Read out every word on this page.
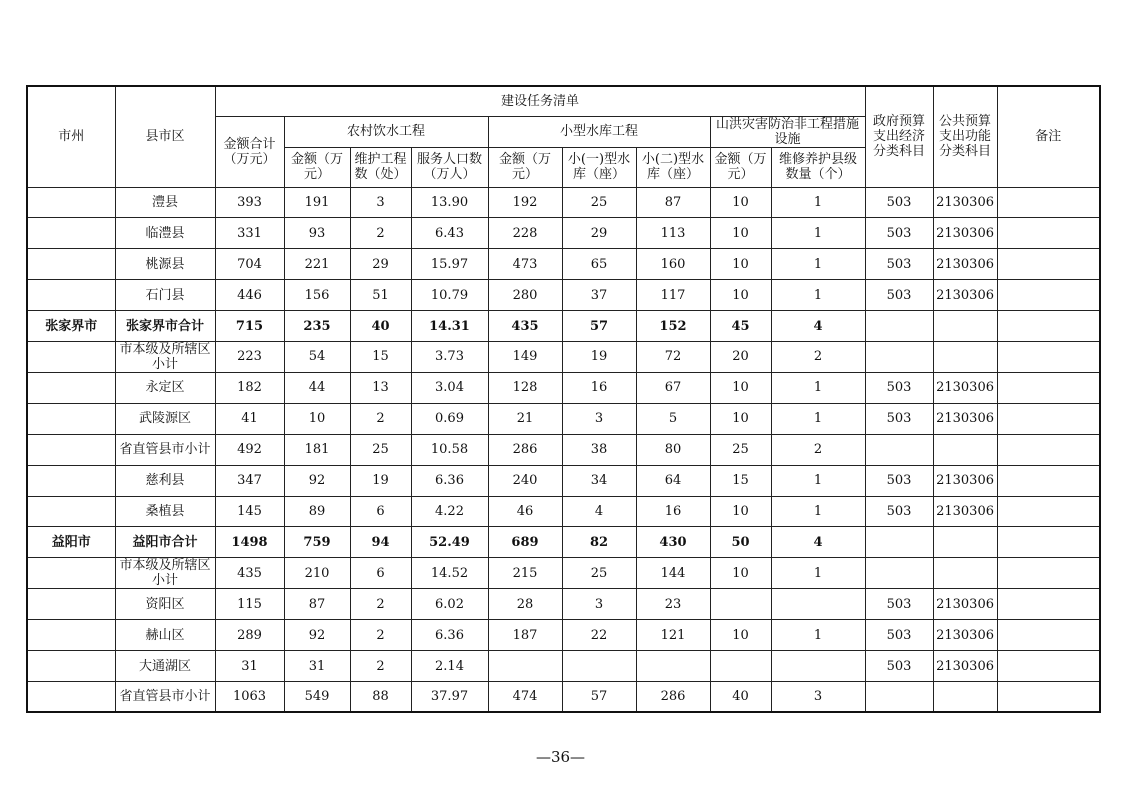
市州	县市区	建设任务清单									政府预算支出经济分类科目	公共预算支出功能分类科目	备注
		金额合计（万元）	农村饮水工程			小型水库工程			山洪灾害防治非工程措施设施				
			金额（万元）	维护工程数（处）	服务人口数（万人）	金额（万元）	小(一)型水库（座）	小(二)型水库（座）	金额（万元）	维修养护县级数量（个）			
	澧县	393	191	3	13.90	192	25	87	10	1	503	2130306	
	临澧县	331	93	2	6.43	228	29	113	10	1	503	2130306	
	桃源县	704	221	29	15.97	473	65	160	10	1	503	2130306	
	石门县	446	156	51	10.79	280	37	117	10	1	503	2130306	
张家界市	张家界市合计	715	235	40	14.31	435	57	152	45	4			
	市本级及所辖区小计	223	54	15	3.73	149	19	72	20	2			
	永定区	182	44	13	3.04	128	16	67	10	1	503	2130306	
	武陵源区	41	10	2	0.69	21	3	5	10	1	503	2130306	
	省直管县市小计	492	181	25	10.58	286	38	80	25	2			
	慈利县	347	92	19	6.36	240	34	64	15	1	503	2130306	
	桑植县	145	89	6	4.22	46	4	16	10	1	503	2130306	
益阳市	益阳市合计	1498	759	94	52.49	689	82	430	50	4			
	市本级及所辖区小计	435	210	6	14.52	215	25	144	10	1			
	资阳区	115	87	2	6.02	28	3	23			503	2130306	
	赫山区	289	92	2	6.36	187	22	121	10	1	503	2130306	
	大通湖区	31	31	2	2.14						503	2130306	
	省直管县市小计	1063	549	88	37.97	474	57	286	40	3			
—36—
